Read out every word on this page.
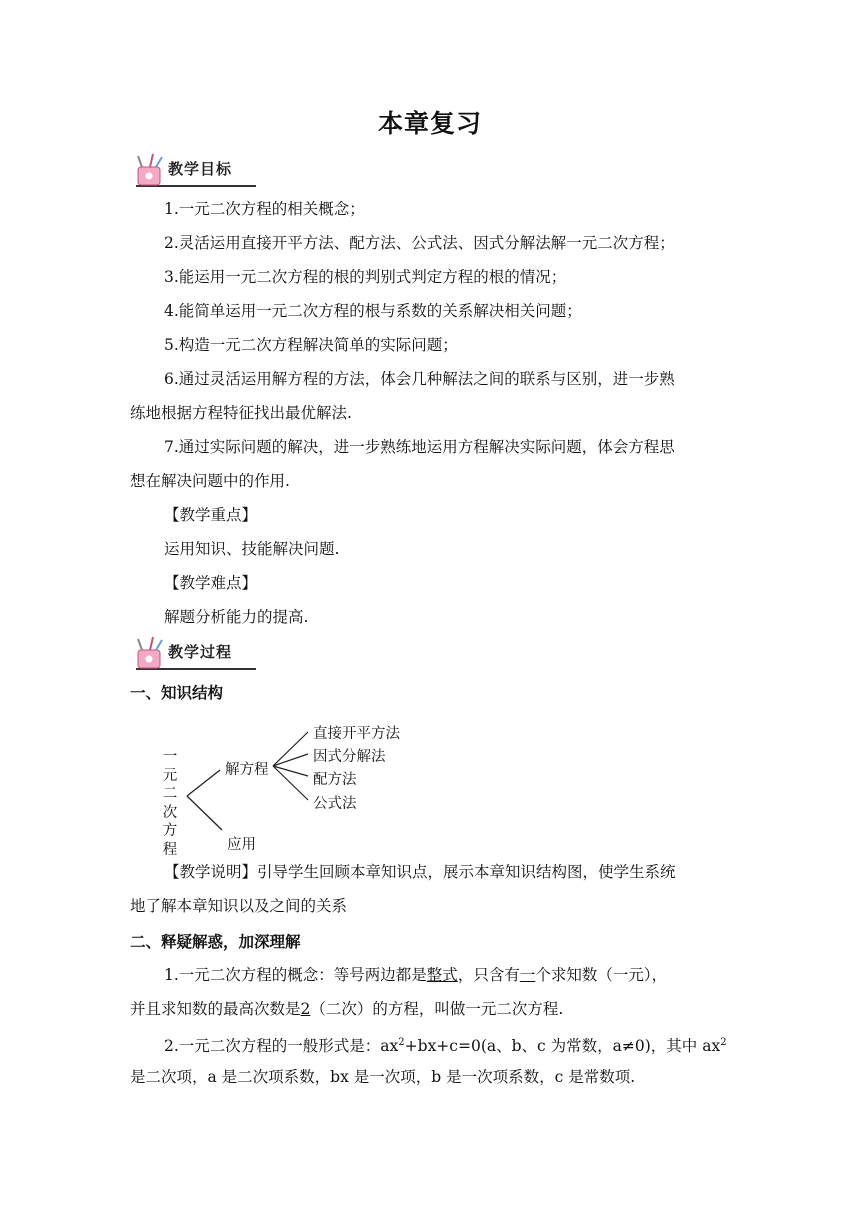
本章复习
教学目标
1.一元二次方程的相关概念；
2.灵活运用直接开平方法、配方法、公式法、因式分解法解一元二次方程；
3.能运用一元二次方程的根的判别式判定方程的根的情况；
4.能简单运用一元二次方程的根与系数的关系解决相关问题；
5.构造一元二次方程解决简单的实际问题；
6.通过灵活运用解方程的方法，体会几种解法之间的联系与区别，进一步熟
练地根据方程特征找出最优解法.
7.通过实际问题的解决，进一步熟练地运用方程解决实际问题，体会方程思
想在解决问题中的作用.
【教学重点】
运用知识、技能解决问题.
【教学难点】
解题分析能力的提高.
教学过程
一、知识结构
一
元
二
次
方
程
解方程
应用
直接开平方法
因式分解法
配方法
公式法
【教学说明】引导学生回顾本章知识点，展示本章知识结构图，使学生系统
地了解本章知识以及之间的关系
二、释疑解惑，加深理解
1.一元二次方程的概念：等号两边都是整式，只含有一个求知数（一元），
并且求知数的最高次数是2（二次）的方程，叫做一元二次方程.
2.一元二次方程的一般形式是：$ax^2+bx+c=0(a$、b、c 为常数，a≠0)，其中 $ax^2$
是二次项，a 是二次项系数，bx 是一次项，b 是一次项系数，c 是常数项.
